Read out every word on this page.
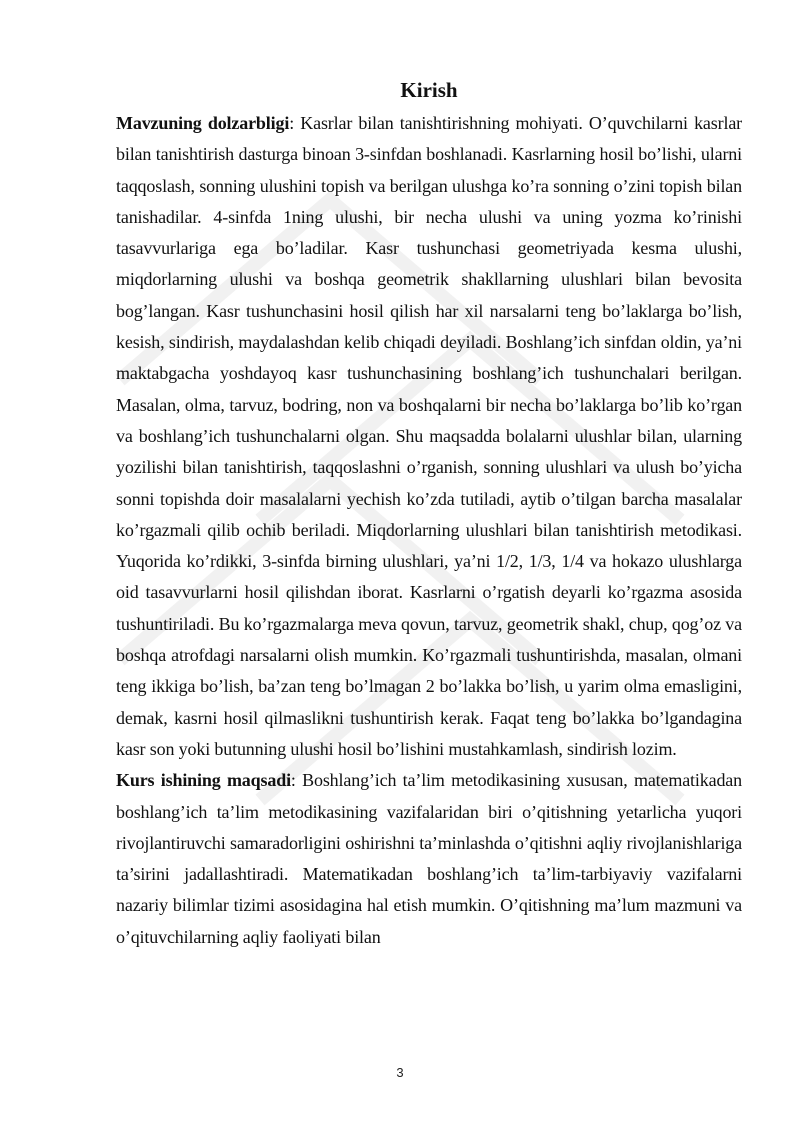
Kirish

Mavzuning dolzarbligi: Kasrlar bilan tanishtirishning mohiyati. O’quvchilarni kasrlar bilan tanishtirish dasturga binoan 3-sinfdan boshlanadi. Kasrlarning hosil bo’lishi, ularni taqqoslash, sonning ulushini topish va berilgan ulushga ko’ra sonning o’zini topish bilan tanishadilar. 4-sinfda 1ning ulushi, bir necha ulushi va uning yozma ko’rinishi tasavvurlariga ega bo’ladilar. Kasr tushunchasi geometriyada kesma ulushi, miqdorlarning ulushi va boshqa geometrik shakllarning ulushlari bilan bevosita bog’langan. Kasr tushunchasini hosil qilish har xil narsalarni teng bo’laklarga bo’lish, kesish, sindirish, maydalashdan kelib chiqadi deyiladi. Boshlang’ich sinfdan oldin, ya’ni maktabgacha yoshdayoq kasr tushunchasining boshlang’ich tushunchalari berilgan. Masalan, olma, tarvuz, bodring, non va boshqalarni bir necha bo’laklarga bo’lib ko’rgan va boshlang’ich tushunchalarni olgan. Shu maqsadda bolalarni ulushlar bilan, ularning yozilishi bilan tanishtirish, taqqoslashni o’rganish, sonning ulushlari va ulush bo’yicha sonni topishda doir masalalarni yechish ko’zda tutiladi, aytib o’tilgan barcha masalalar ko’rgazmali qilib ochib beriladi. Miqdorlarning ulushlari bilan tanishtirish metodikasi. Yuqorida ko’rdikki, 3-sinfda birning ulushlari, ya’ni 1/2, 1/3, 1/4 va hokazo ulushlarga oid tasavvurlarni hosil qilishdan iborat. Kasrlarni o’rgatish deyarli ko’rgazma asosida tushuntiriladi. Bu ko’rgazmalarga meva qovun, tarvuz, geometrik shakl, chup, qog’oz va boshqa atrofdagi narsalarni olish mumkin. Ko’rgazmali tushuntirishda, masalan, olmani teng ikkiga bo’lish, ba’zan teng bo’lmagan 2 bo’lakka bo’lish, u yarim olma emasligini, demak, kasrni hosil qilmaslikni tushuntirish kerak. Faqat teng bo’lakka bo’lgandagina kasr son yoki butunning ulushi hosil bo’lishini mustahkamlash, sindirish lozim.

Kurs ishining maqsadi: Boshlang’ich ta’lim metodikasining xususan, matematikadan boshlang’ich ta’lim metodikasining vazifalaridan biri o’qitishning yetarlicha yuqori rivojlantiruvchi samaradorligini oshirishni ta’minlashda o’qitishni aqliy rivojlanishlariga ta’sirini jadallashtiradi. Matematikadan boshlang’ich ta’lim-tarbiyaviy vazifalarni nazariy bilimlar tizimi asosidagina hal etish mumkin. O’qitishning ma’lum mazmuni va o’qituvchilarning aqliy faoliyati bilan

3
